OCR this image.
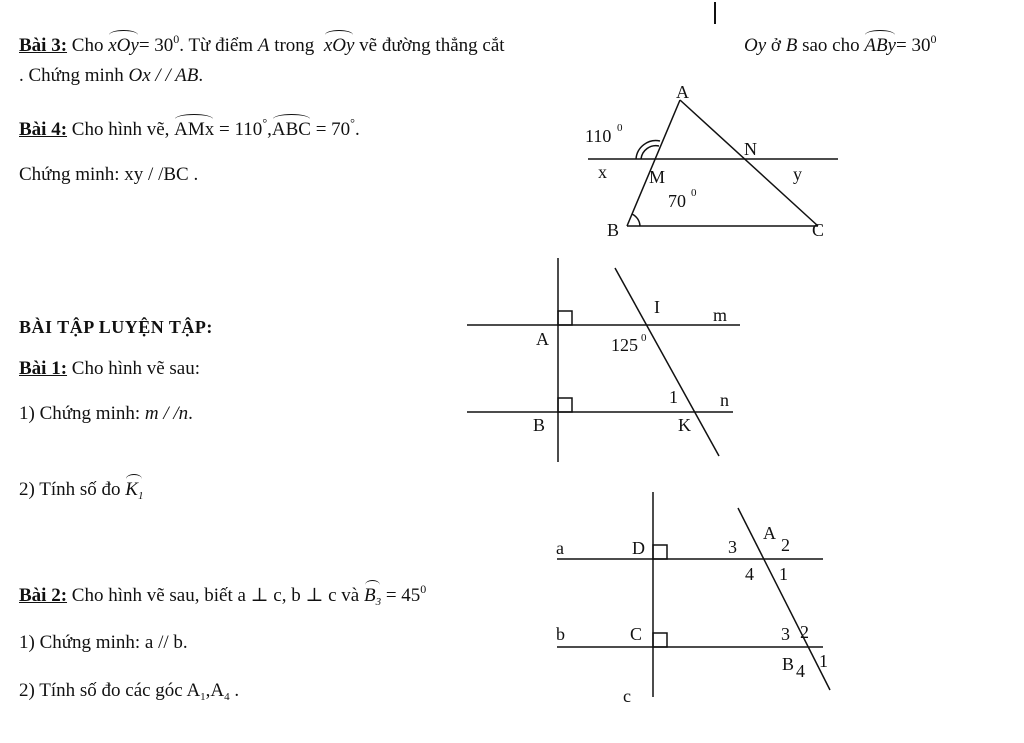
Bài 3: Cho $xOy= 30^0$. Từ điểm A trong xOy vẽ đường thẳng cắt	Oy ở B sao cho $ABy= 30^0$
. Chứng minh Ox / / AB.
Bài 4: Cho hình vẽ, AMx = 110°,ABC = 70°.
Chứng minh: xy / /BC .
A
N
x M	y
B	C
110 0
70 0
BÀI TẬP LUYỆN TẬP:
Bài 1: Cho hình vẽ sau:
1) Chứng minh: m / /n.
2) Tính số đo $K_1$
I	m
A	125 0
1 n
B	K
Bài 2: Cho hình vẽ sau, biết a ⊥ c, b ⊥ c và $B_3 = 45^0$
1) Chứng minh: a // b.
2) Tính số đo các góc $A_1,A_4$ .
a	D
A
3 2
4 1
b	C	3 2
B 4 1
c
